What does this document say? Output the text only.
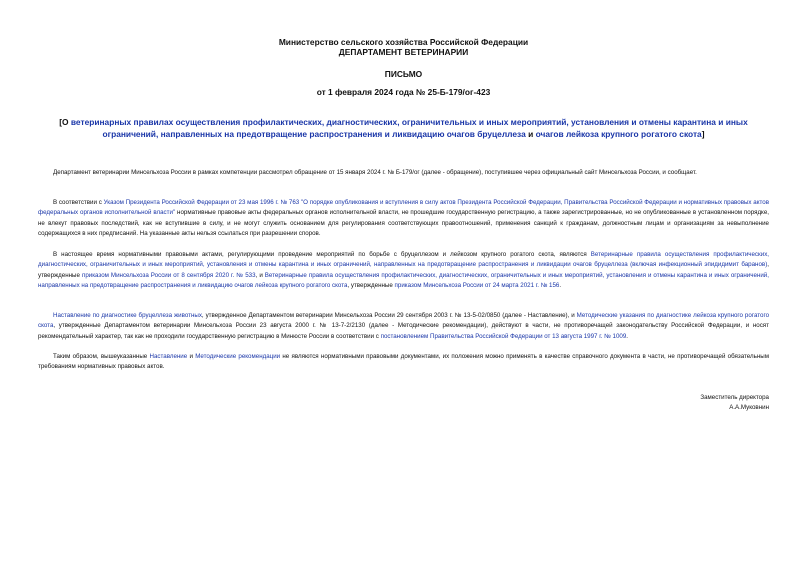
Министерство сельского хозяйства Российской Федерации
ДЕПАРТАМЕНТ ВЕТЕРИНАРИИ
ПИСЬМО
от 1 февраля 2024 года № 25-Б-179/ог-423
[О ветеринарных правилах осуществления профилактических, диагностических, ограничительных и иных мероприятий, установления и отмены карантина и иных ограничений, направленных на предотвращение распространения и ликвидацию очагов бруцеллеза и очагов лейкоза крупного рогатого скота]
Департамент ветеринарии Минсельхоза России в рамках компетенции рассмотрел обращение от 15 января 2024 г. № Б-179/ог (далее - обращение), поступившее через официальный сайт Минсельхоза России, и сообщает.
В соответствии с Указом Президента Российской Федерации от 23 мая 1996 г. № 763 "О порядке опубликования и вступления в силу актов Президента Российской Федерации, Правительства Российской Федерации и нормативных правовых актов федеральных органов исполнительной власти" нормативные правовые акты федеральных органов исполнительной власти, не прошедшие государственную регистрацию, а также зарегистрированные, но не опубликованные в установленном порядке, не влекут правовых последствий, как не вступившие в силу, и не могут служить основанием для регулирования соответствующих правоотношений, применения санкций к гражданам, должностным лицам и организациям за невыполнение содержащихся в них предписаний. На указанные акты нельзя ссылаться при разрешении споров.
В настоящее время нормативными правовыми актами, регулирующими проведение мероприятий по борьбе с бруцеллезом и лейкозом крупного рогатого скота, являются Ветеринарные правила осуществления профилактических, диагностических, ограничительных и иных мероприятий, установления и отмены карантина и иных ограничений, направленных на предотвращение распространения и ликвидации очагов бруцеллеза (включая инфекционный эпидидимит баранов), утвержденные приказом Минсельхоза России от 8 сентября 2020 г. № 533, и Ветеринарные правила осуществления профилактических, диагностических, ограничительных и иных мероприятий, установления и отмены карантина и иных ограничений, направленных на предотвращение распространения и ликвидацию очагов лейкоза крупного рогатого скота, утвержденные приказом Минсельхоза России от 24 марта 2021 г. № 156.
Наставление по диагностике бруцеллеза животных, утвержденное Департаментом ветеринарии Минсельхоза России 29 сентября 2003 г. № 13-5-02/0850 (далее - Наставление), и Методические указания по диагностике лейкоза крупного рогатого скота, утвержденные Департаментом ветеринарии Минсельхоза России 23 августа 2000 г. № 13-7-2/2130 (далее - Методические рекомендации), действуют в части, не противоречащей законодательству Российской Федерации, и носят рекомендательный характер, так как не проходили государственную регистрацию в Минюсте России в соответствии с постановлением Правительства Российской Федерации от 13 августа 1997 г. № 1009.
Таким образом, вышеуказанные Наставление и Методические рекомендации не являются нормативными правовыми документами, их положения можно применять в качестве справочного документа в части, не противоречащей обязательным требованиям нормативных правовых актов.
Заместитель директора
А.А.Муковнин
